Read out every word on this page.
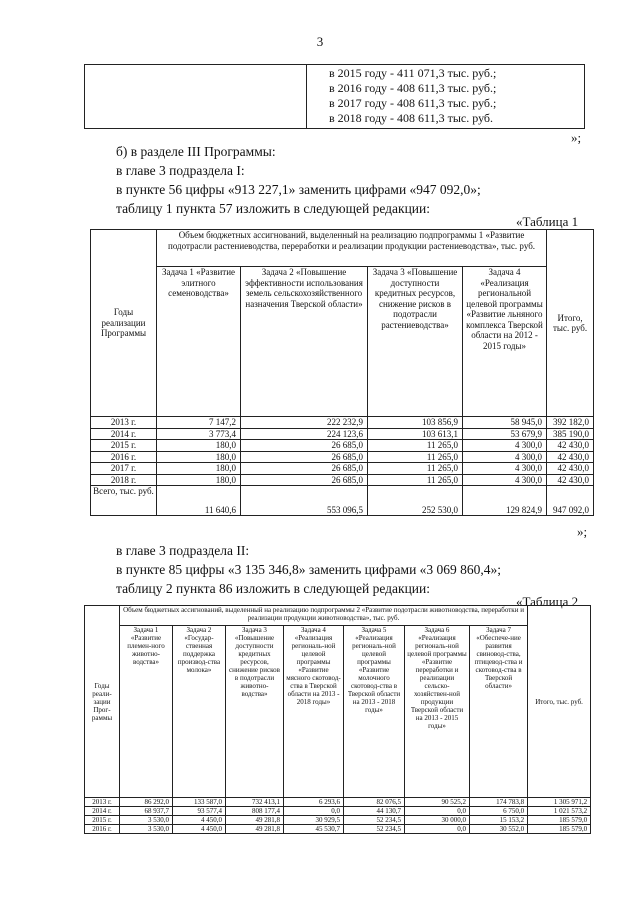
3

в 2015 году - 411 071,3 тыс. руб.;
в 2016 году - 408 611,3 тыс. руб.;
в 2017 году - 408 611,3 тыс. руб.;
в 2018 году - 408 611,3 тыс. руб.
»;
б) в разделе III Программы:
в главе 3 подраздела I:
в пункте 56 цифры «913 227,1» заменить цифрами «947 092,0»;
таблицу 1 пункта 57 изложить в следующей редакции:
«Таблица 1
Годы реализации Программы	Объем бюджетных ассигнований, выделенный на реализацию подпрограммы 1 «Развитие подотрасли растениеводства, переработки и реализации продукции растениеводства», тыс. руб.				Итого, тыс. руб.
	Задача 1 «Развитие элитного семеноводства»	Задача 2 «Повышение эффективности использования земель сельскохозяйственного назначения Тверской области»	Задача 3 «Повышение доступности кредитных ресурсов, снижение рисков в подотрасли растениеводства»	Задача 4 «Реализация региональной целевой программы «Развитие льняного комплекса Тверской области на 2012 - 2015 годы»	
2013 г.	7 147,2	222 232,9	103 856,9	58 945,0	392 182,0
2014 г.	3 773,4	224 123,6	103 613,1	53 679,9	385 190,0
2015 г.	180,0	26 685,0	11 265,0	4 300,0	42 430,0
2016 г.	180,0	26 685,0	11 265,0	4 300,0	42 430,0
2017 г.	180,0	26 685,0	11 265,0	4 300,0	42 430,0
2018 г.	180,0	26 685,0	11 265,0	4 300,0	42 430,0
Всего, тыс. руб.	11 640,6	553 096,5	252 530,0	129 824,9	947 092,0
»;
в главе 3 подраздела II:
в пункте 85 цифры «3 135 346,8» заменить цифрами «3 069 860,4»;
таблицу 2 пункта 86 изложить в следующей редакции:
«Таблица 2
Годы реали-зации Прог-раммы	Объем бюджетных ассигнований, выделенный на реализацию подпрограммы 2 «Развитие подотрасли животноводства, переработки и реализации продукции животноводства», тыс. руб.							Итого, тыс. руб.
	Задача 1 «Развитие племен-ного животно-водства»	Задача 2 «Государ-ственная поддержка производ-ства молока»	Задача 3 «Повышение доступности кредитных ресурсов, снижение рисков в подотрасли животно-водства»	Задача 4 «Реализация региональ-ной целевой программы «Развитие мясного скотовод-ства в Тверской области на 2013 - 2018 годы»	Задача 5 «Реализация региональ-ной целевой программы «Развитие молочного скотовод-ства в Тверской области на 2013 - 2018 годы»	Задача 6 «Реализация региональ-ной целевой программы «Развитие переработки и реализации сельско-хозяйствен-ной продукции Тверской области на 2013 - 2015 годы»	Задача 7 «Обеспече-ние развития свиновод-ства, птицевод-ства и скотовод-ства в Тверской области»	
2013 г.	86 292,0	133 587,0	732 413,1	6 293,6	82 076,5	90 525,2	174 783,8	1 305 971,2
2014 г.	68 937,7	93 577,4	808 177,4	0,0	44 130,7	0,0	6 750,0	1 021 573,2
2015 г.	3 530,0	4 450,0	49 281,8	30 929,5	52 234,5	30 000,0	15 153,2	185 579,0
2016 г.	3 530,0	4 450,0	49 281,8	45 530,7	52 234,5	0,0	30 552,0	185 579,0
